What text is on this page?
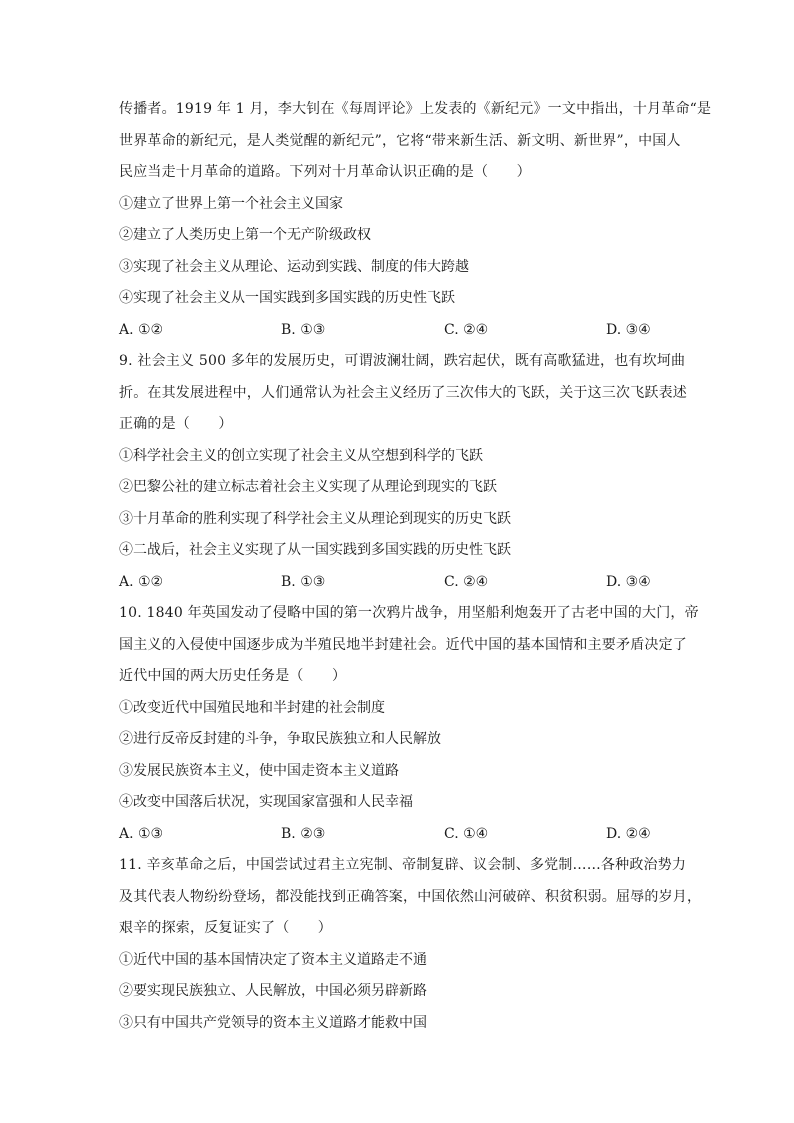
传播者。1919 年 1 月，李大钊在《每周评论》上发表的《新纪元》一文中指出，十月革命“是
世界革命的新纪元，是人类觉醒的新纪元”，它将“带来新生活、新文明、新世界”，中国人
民应当走十月革命的道路。下列对十月革命认识正确的是（　　）

①建立了世界上第一个社会主义国家
②建立了人类历史上第一个无产阶级政权
③实现了社会主义从理论、运动到实践、制度的伟大跨越
④实现了社会主义从一国实践到多国实践的历史性飞跃
A. ①②	B. ①③	C. ②④	D. ③④

9. 社会主义 500 多年的发展历史，可谓波澜壮阔，跌宕起伏，既有高歌猛进，也有坎坷曲
折。在其发展进程中，人们通常认为社会主义经历了三次伟大的飞跃，关于这三次飞跃表述
正确的是（　　）

①科学社会主义的创立实现了社会主义从空想到科学的飞跃
②巴黎公社的建立标志着社会主义实现了从理论到现实的飞跃
③十月革命的胜利实现了科学社会主义从理论到现实的历史飞跃
④二战后，社会主义实现了从一国实践到多国实践的历史性飞跃
A. ①②	B. ①③	C. ②④	D. ③④

10. 1840 年英国发动了侵略中国的第一次鸦片战争，用坚船利炮轰开了古老中国的大门，帝
国主义的入侵使中国逐步成为半殖民地半封建社会。近代中国的基本国情和主要矛盾决定了
近代中国的两大历史任务是（　　）

①改变近代中国殖民地和半封建的社会制度
②进行反帝反封建的斗争，争取民族独立和人民解放
③发展民族资本主义，使中国走资本主义道路
④改变中国落后状况，实现国家富强和人民幸福
A. ①③	B. ②③	C. ①④	D. ②④

11. 辛亥革命之后，中国尝试过君主立宪制、帝制复辟、议会制、多党制……各种政治势力
及其代表人物纷纷登场，都没能找到正确答案，中国依然山河破碎、积贫积弱。屈辱的岁月，
艰辛的探索，反复证实了（　　）

①近代中国的基本国情决定了资本主义道路走不通
②要实现民族独立、人民解放，中国必须另辟新路
③只有中国共产党领导的资本主义道路才能救中国
